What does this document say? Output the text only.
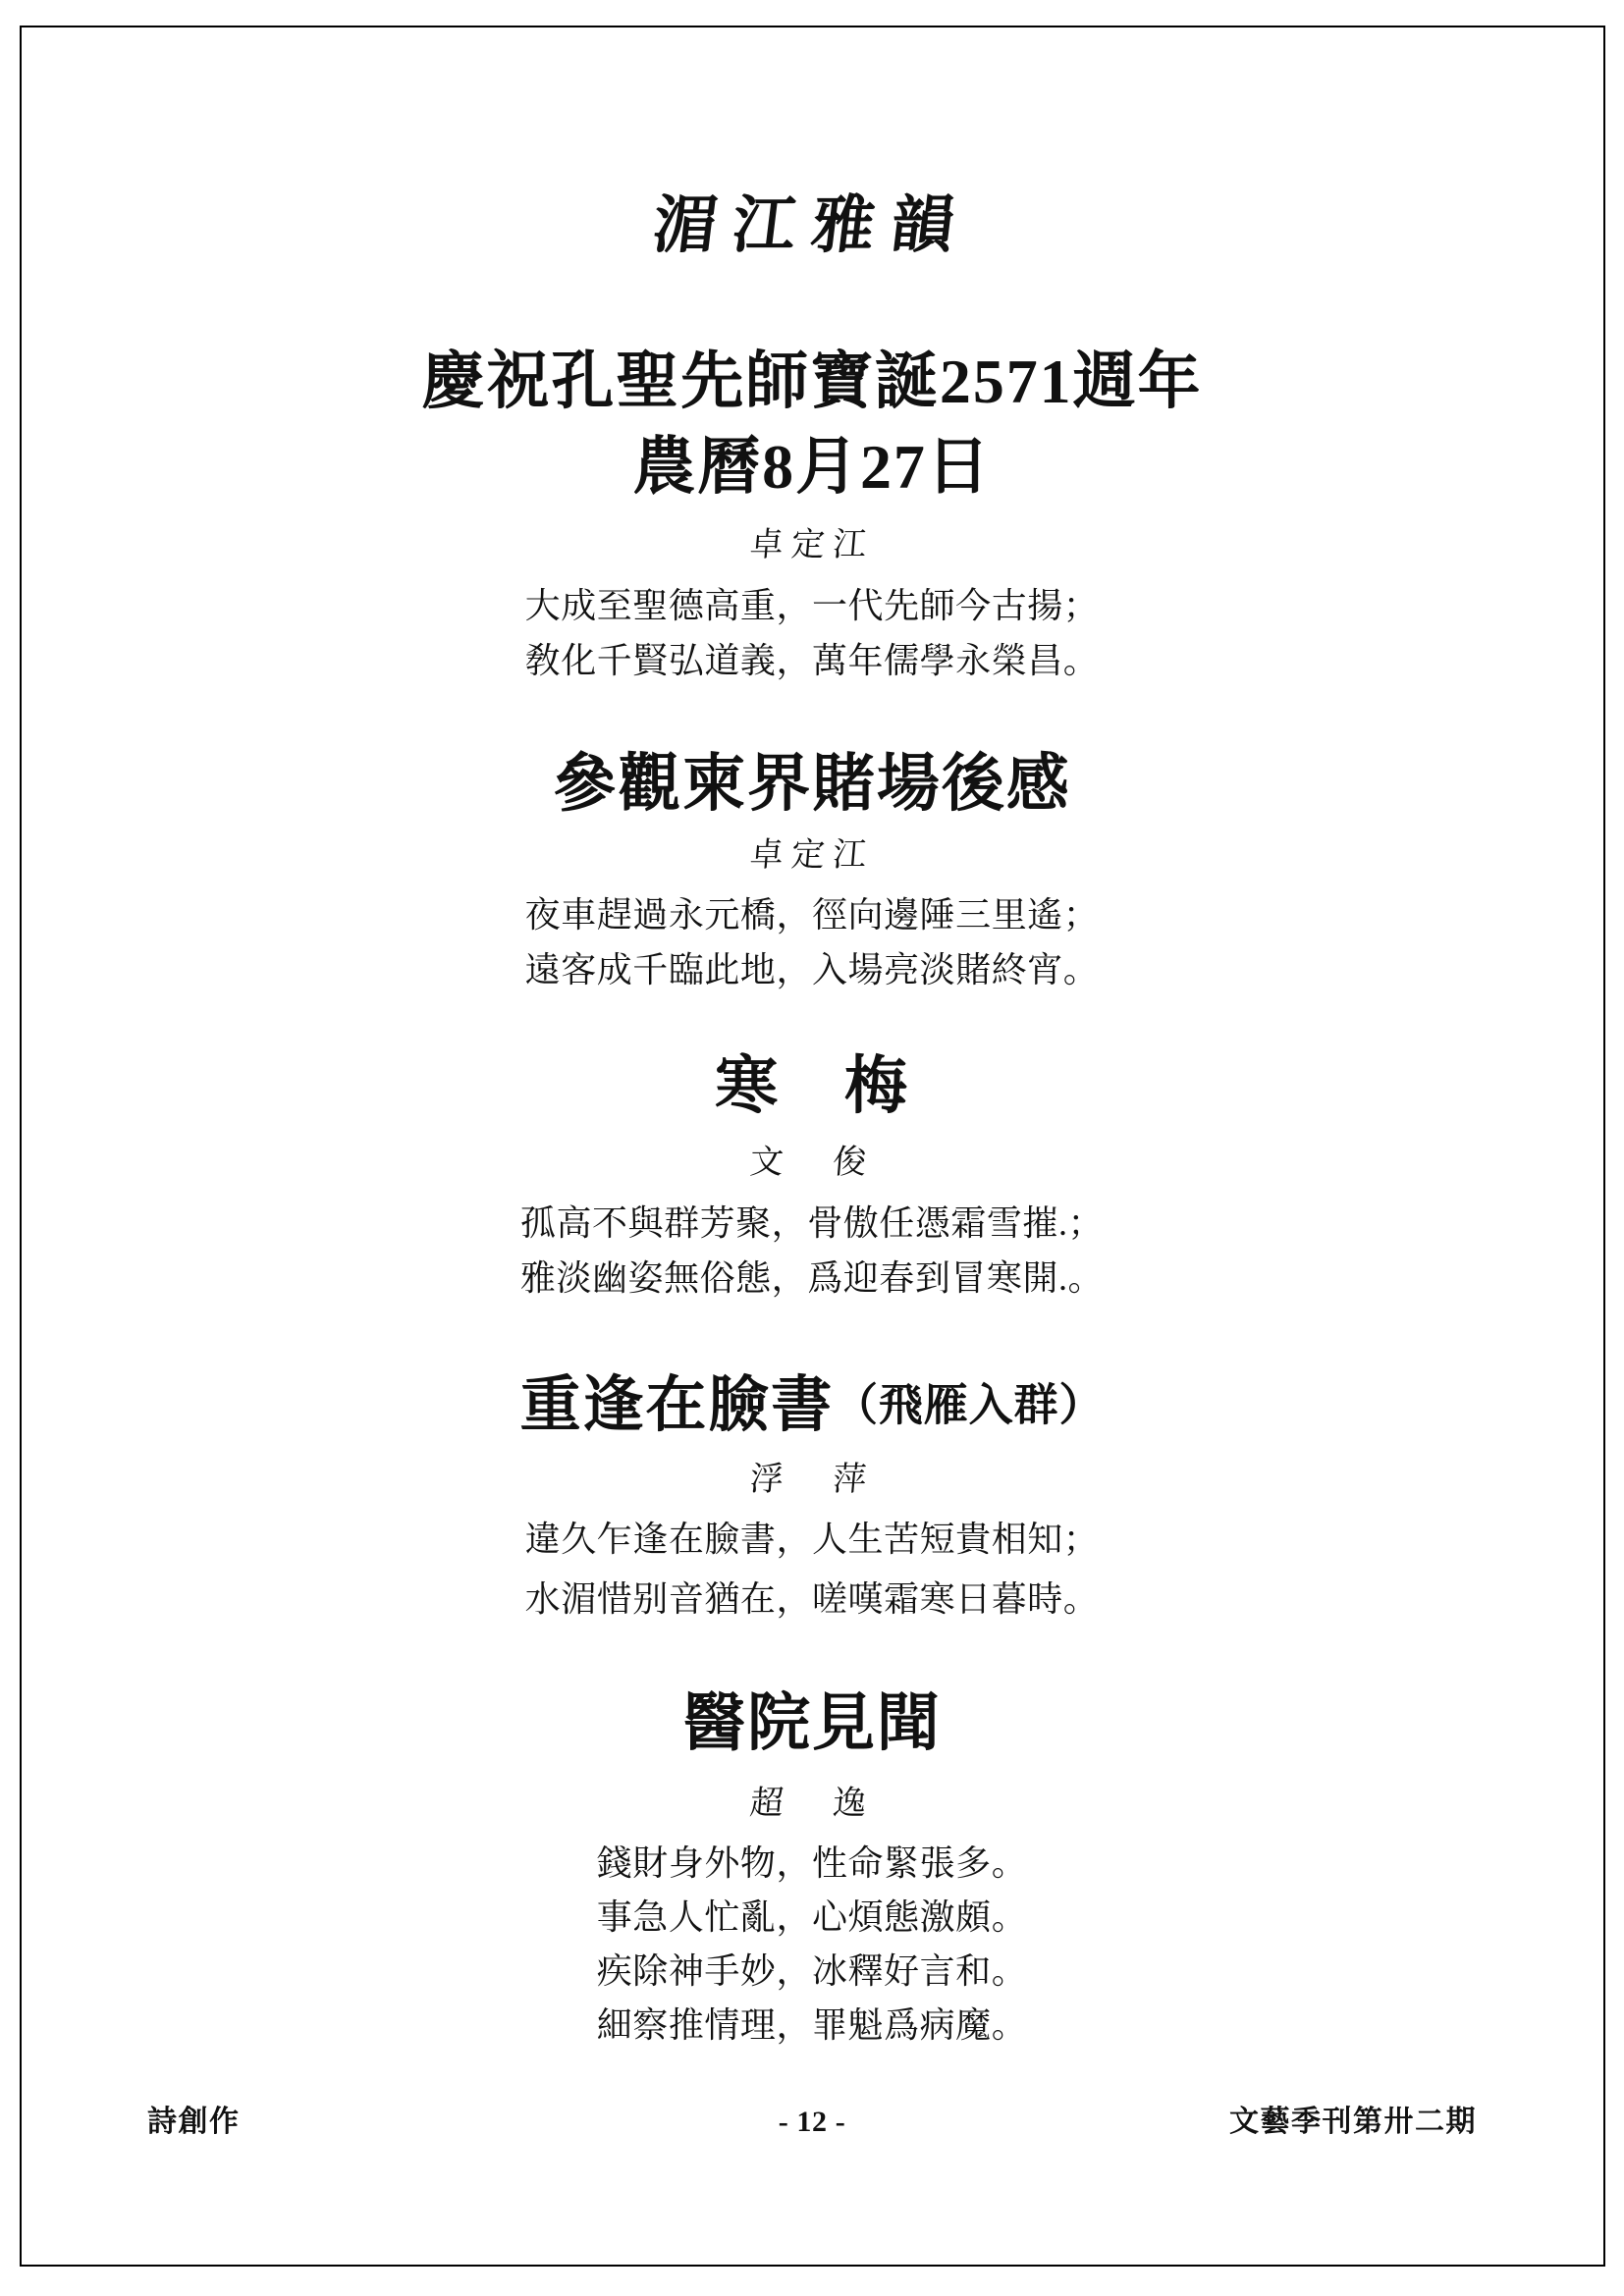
湄江雅韻
慶祝孔聖先師寶誕2571週年
農曆8月27日
卓定江
大成至聖德高重，一代先師今古揚；
敎化千賢弘道義，萬年儒學永榮昌。
參觀柬界賭場後感
卓定江
夜車趕過永元橋，徑向邊陲三里遙；
遠客成千臨此地，入場亮淡賭終宵。
寒　梅
文　俊
孤高不與群芳聚，骨傲任憑霜雪摧.；
雅淡幽姿無俗態，爲迎春到冒寒開.。
重逢在臉書（飛雁入群）
浮　萍
違久乍逢在臉書，人生苦短貴相知；
水湄惜别音猶在，嗟嘆霜寒日暮時。
醫院見聞
超　逸
錢財身外物，性命緊張多。
事急人忙亂，心煩態激頗。
疾除神手妙，冰釋好言和。
細察推情理，罪魁爲病魔。
詩創作	- 12 -	文藝季刊第卅二期
